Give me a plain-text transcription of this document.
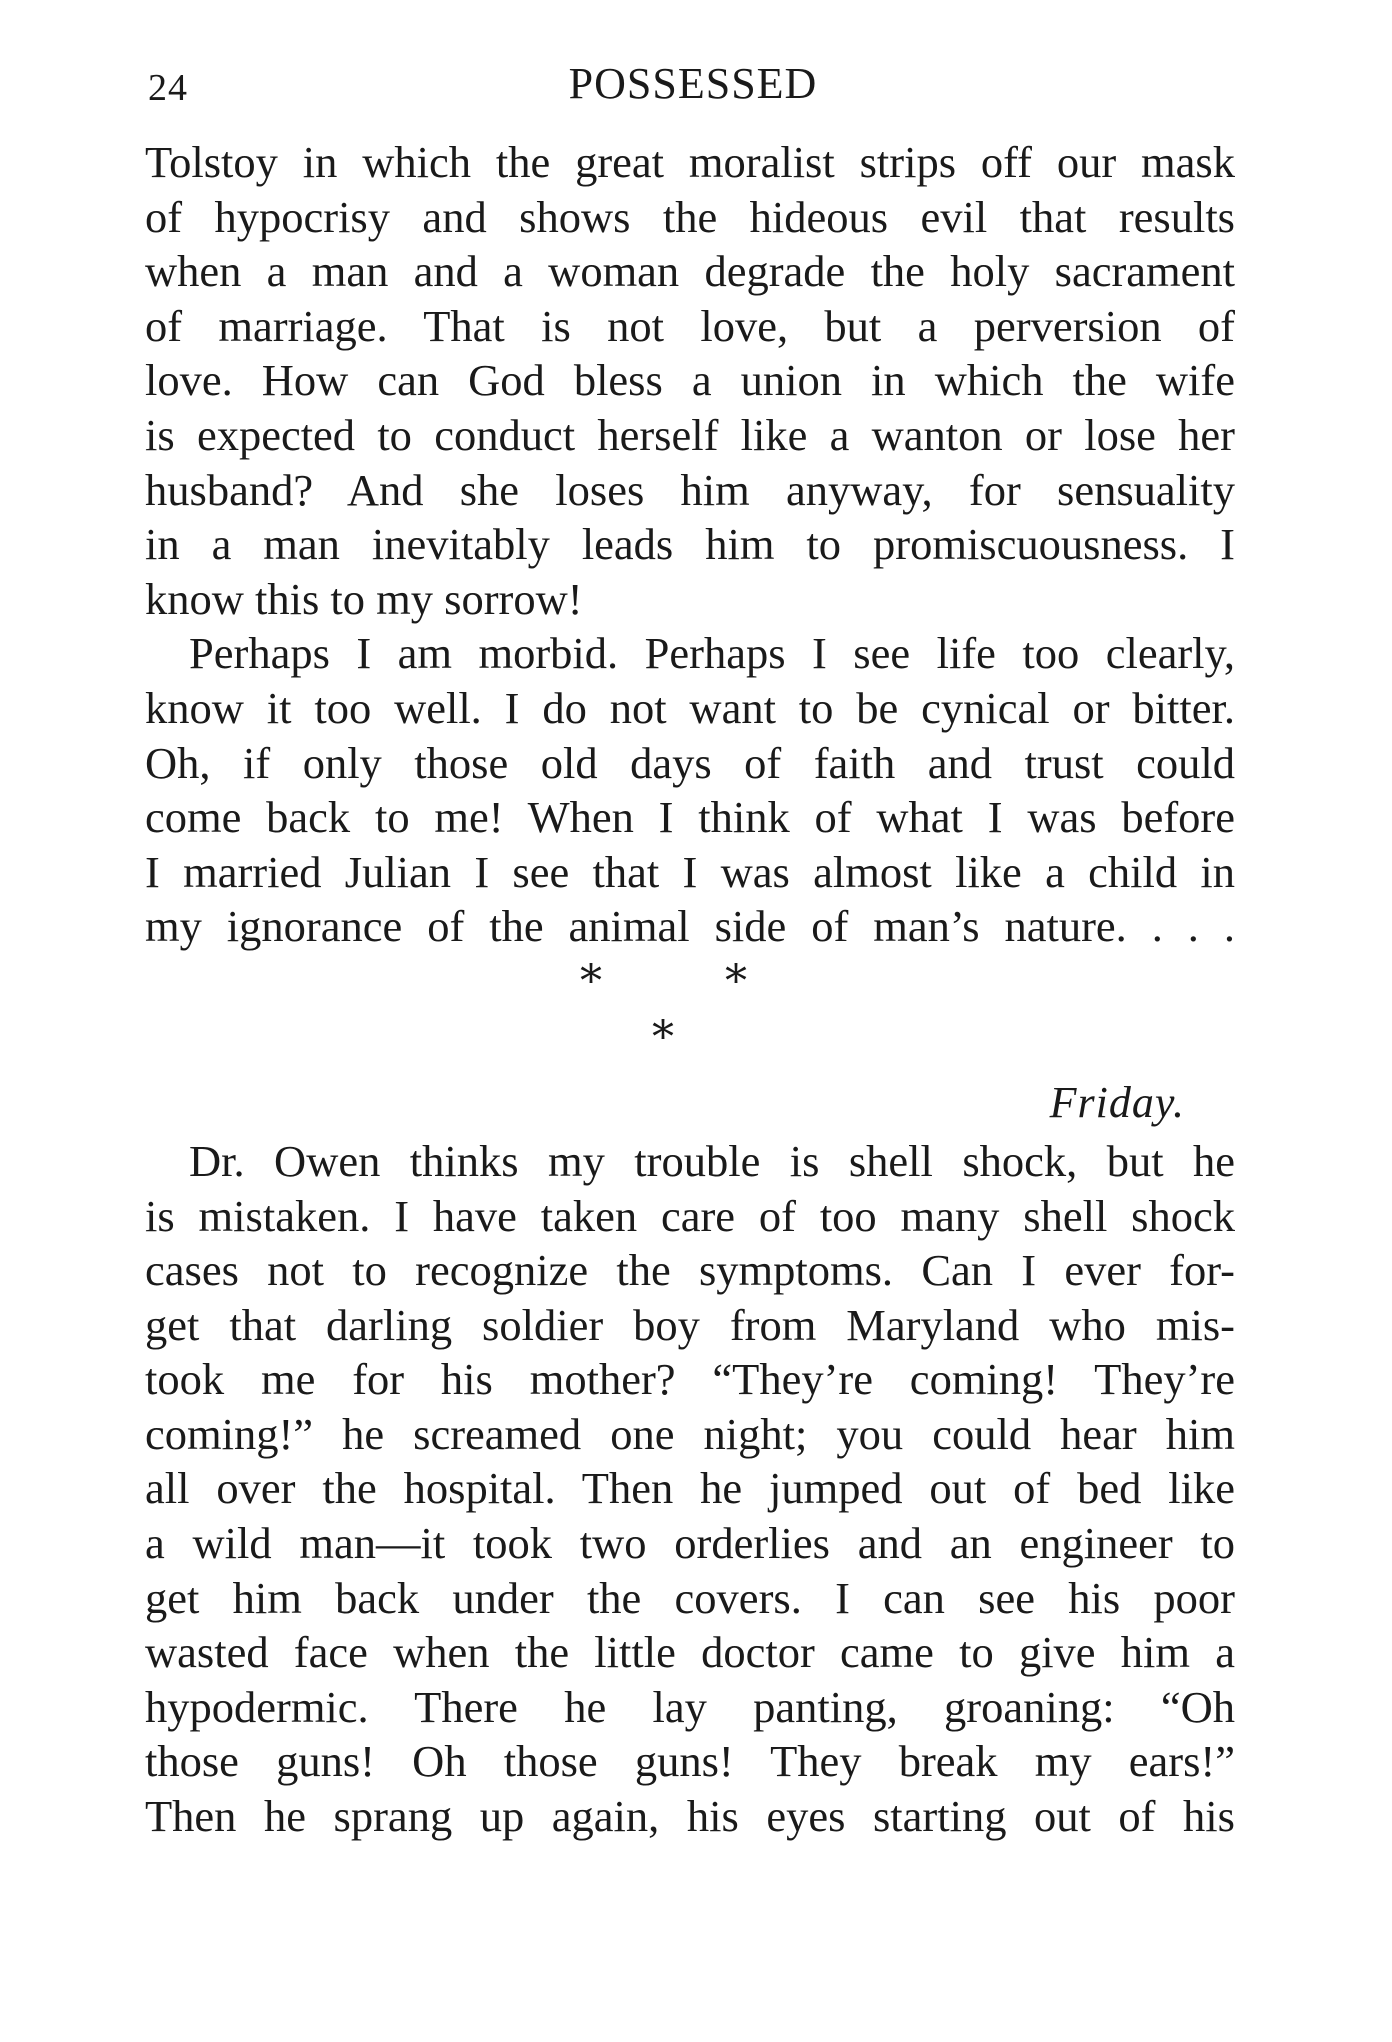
24	POSSESSED
Tolstoy in which the great moralist strips off our mask
of hypocrisy and shows the hideous evil that results
when a man and a woman degrade the holy sacrament
of marriage. That is not love, but a perversion of
love. How can God bless a union in which the wife
is expected to conduct herself like a wanton or lose her
husband? And she loses him anyway, for sensuality
in a man inevitably leads him to promiscuousness. I
know this to my sorrow!
Perhaps I am morbid. Perhaps I see life too clearly,
know it too well. I do not want to be cynical or bitter.
Oh, if only those old days of faith and trust could
come back to me! When I think of what I was before
I married Julian I see that I was almost like a child in
my ignorance of the animal side of man’s nature. . . .
*	*
*
Friday.
Dr. Owen thinks my trouble is shell shock, but he
is mistaken. I have taken care of too many shell shock
cases not to recognize the symptoms. Can I ever for-
get that darling soldier boy from Maryland who mis-
took me for his mother? “They’re coming! They’re
coming!” he screamed one night; you could hear him
all over the hospital. Then he jumped out of bed like
a wild man—it took two orderlies and an engineer to
get him back under the covers. I can see his poor
wasted face when the little doctor came to give him a
hypodermic. There he lay panting, groaning: “Oh
those guns! Oh those guns! They break my ears!”
Then he sprang up again, his eyes starting out of his
